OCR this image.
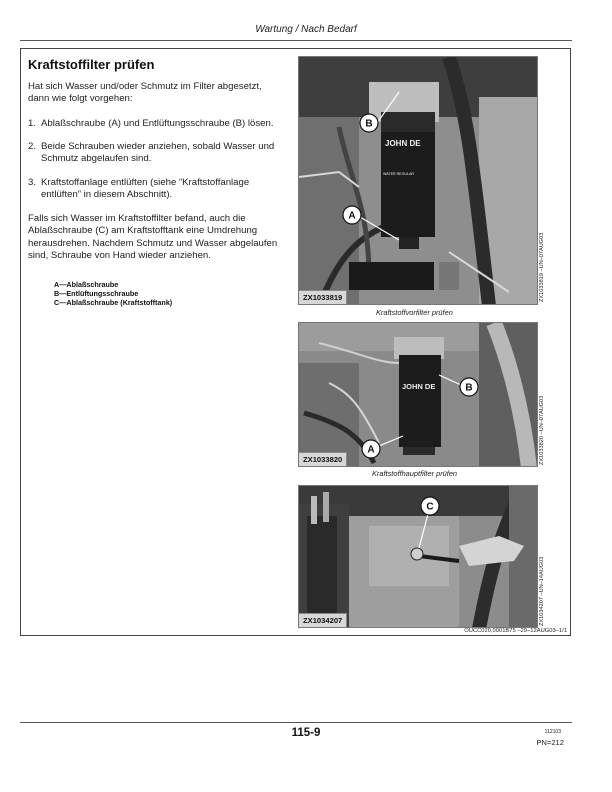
Wartung / Nach Bedarf
Kraftstoffilter prüfen
Hat sich Wasser und/oder Schmutz im Filter abgesetzt,
dann wie folgt vorgehen:
1. Ablaßschraube (A) und Entlüftungsschraube (B) lösen.
2. Beide Schrauben wieder anziehen, sobald Wasser und
Schmutz abgelaufen sind.
3. Kraftstoffanlage entlüften (siehe “Kraftstoffanlage
entlüften” in diesem Abschnitt).
Falls sich Wasser im Kraftstoffilter befand, auch die
Ablaßschraube (C) am Kraftstofftank eine Umdrehung
herausdrehen. Nachdem Schmutz und Wasser abgelaufen
sind, Schraube von Hand wieder anziehen.
A—Ablaßschraube
B—Entlüftungsschraube
C—Ablaßschraube (Kraftstofftank)
JOHN DE
WATER REGULAR
B
A
ZX1033819	ZX1033819 –UN–07AUG03
Kraftstoffvorfilter prüfen
JOHN DE	B
A
ZX1033820	ZX1033820 –UN–07AUG03
Kraftstoffhauptfilter prüfen
C
ZX1034207	ZX1034207 –UN–14AUG03
OUCC020,0001B75 –29–12AUG03–1/1
115-9	112103
PN=212
